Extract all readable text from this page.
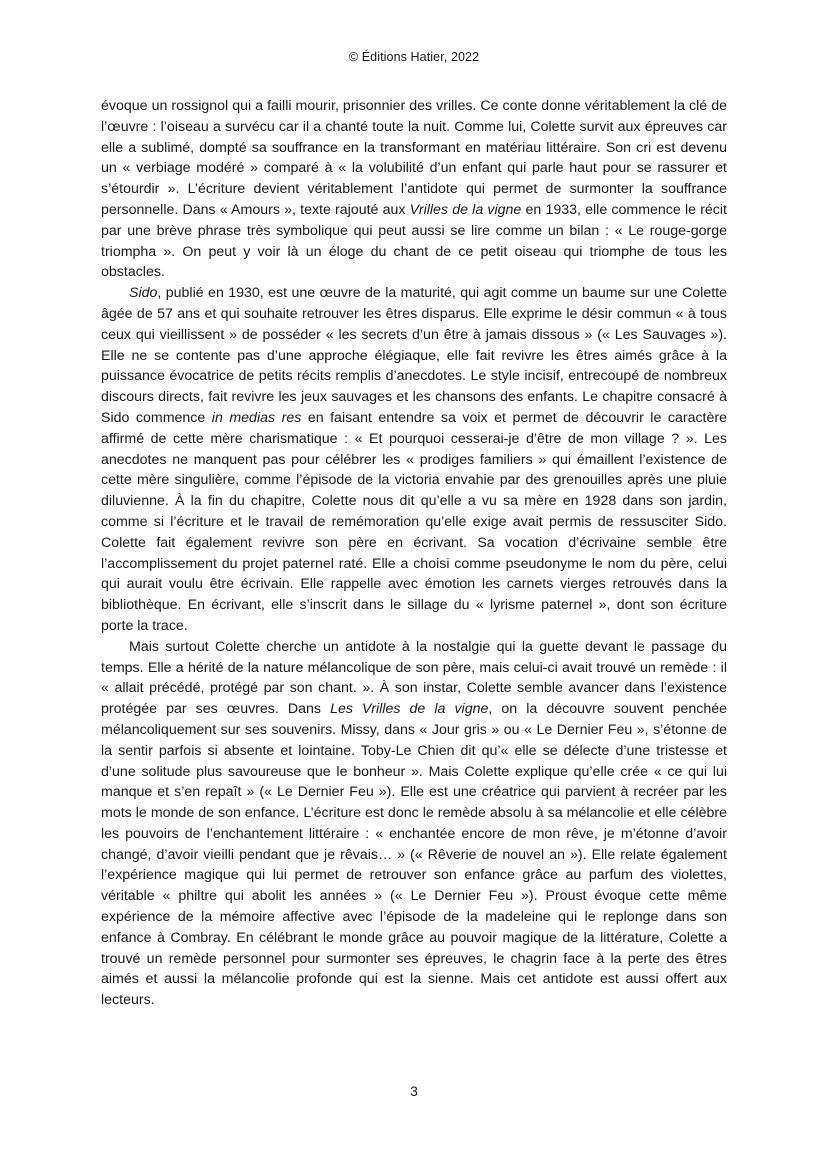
© Éditions Hatier, 2022

évoque un rossignol qui a failli mourir, prisonnier des vrilles. Ce conte donne véritablement la clé de l’œuvre : l’oiseau a survécu car il a chanté toute la nuit. Comme lui, Colette survit aux épreuves car elle a sublimé, dompté sa souffrance en la transformant en matériau littéraire. Son cri est devenu un « verbiage modéré » comparé à « la volubilité d’un enfant qui parle haut pour se rassurer et s’étourdir ». L’écriture devient véritablement l’antidote qui permet de surmonter la souffrance personnelle. Dans « Amours », texte rajouté aux Vrilles de la vigne en 1933, elle commence le récit par une brève phrase très symbolique qui peut aussi se lire comme un bilan : « Le rouge-gorge triompha ». On peut y voir là un éloge du chant de ce petit oiseau qui triomphe de tous les obstacles.

Sido, publié en 1930, est une œuvre de la maturité, qui agit comme un baume sur une Colette âgée de 57 ans et qui souhaite retrouver les êtres disparus. Elle exprime le désir commun « à tous ceux qui vieillissent » de posséder « les secrets d’un être à jamais dissous » (« Les Sauvages »). Elle ne se contente pas d’une approche élégiaque, elle fait revivre les êtres aimés grâce à la puissance évocatrice de petits récits remplis d’anecdotes. Le style incisif, entrecoupé de nombreux discours directs, fait revivre les jeux sauvages et les chansons des enfants. Le chapitre consacré à Sido commence in medias res en faisant entendre sa voix et permet de découvrir le caractère affirmé de cette mère charismatique : « Et pourquoi cesserai-je d’être de mon village ? ». Les anecdotes ne manquent pas pour célébrer les « prodiges familiers » qui émaillent l’existence de cette mère singulière, comme l’épisode de la victoria envahie par des grenouilles après une pluie diluvienne. À la fin du chapitre, Colette nous dit qu’elle a vu sa mère en 1928 dans son jardin, comme si l’écriture et le travail de remémoration qu’elle exige avait permis de ressusciter Sido. Colette fait également revivre son père en écrivant. Sa vocation d’écrivaine semble être l’accomplissement du projet paternel raté. Elle a choisi comme pseudonyme le nom du père, celui qui aurait voulu être écrivain. Elle rappelle avec émotion les carnets vierges retrouvés dans la bibliothèque. En écrivant, elle s’inscrit dans le sillage du « lyrisme paternel », dont son écriture porte la trace.

Mais surtout Colette cherche un antidote à la nostalgie qui la guette devant le passage du temps. Elle a hérité de la nature mélancolique de son père, mais celui-ci avait trouvé un remède : il « allait précédé, protégé par son chant. ». À son instar, Colette semble avancer dans l’existence protégée par ses œuvres. Dans Les Vrilles de la vigne, on la découvre souvent penchée mélancoliquement sur ses souvenirs. Missy, dans « Jour gris » ou « Le Dernier Feu », s’étonne de la sentir parfois si absente et lointaine. Toby-Le Chien dit qu’« elle se délecte d’une tristesse et d’une solitude plus savoureuse que le bonheur ». Mais Colette explique qu’elle crée « ce qui lui manque et s’en repaît » (« Le Dernier Feu »). Elle est une créatrice qui parvient à recréer par les mots le monde de son enfance. L’écriture est donc le remède absolu à sa mélancolie et elle célèbre les pouvoirs de l’enchantement littéraire : « enchantée encore de mon rêve, je m’étonne d’avoir changé, d’avoir vieilli pendant que je rêvais… » (« Rêverie de nouvel an »). Elle relate également l’expérience magique qui lui permet de retrouver son enfance grâce au parfum des violettes, véritable « philtre qui abolit les années » (« Le Dernier Feu »). Proust évoque cette même expérience de la mémoire affective avec l’épisode de la madeleine qui le replonge dans son enfance à Combray. En célébrant le monde grâce au pouvoir magique de la littérature, Colette a trouvé un remède personnel pour surmonter ses épreuves, le chagrin face à la perte des êtres aimés et aussi la mélancolie profonde qui est la sienne. Mais cet antidote est aussi offert aux lecteurs.

3
